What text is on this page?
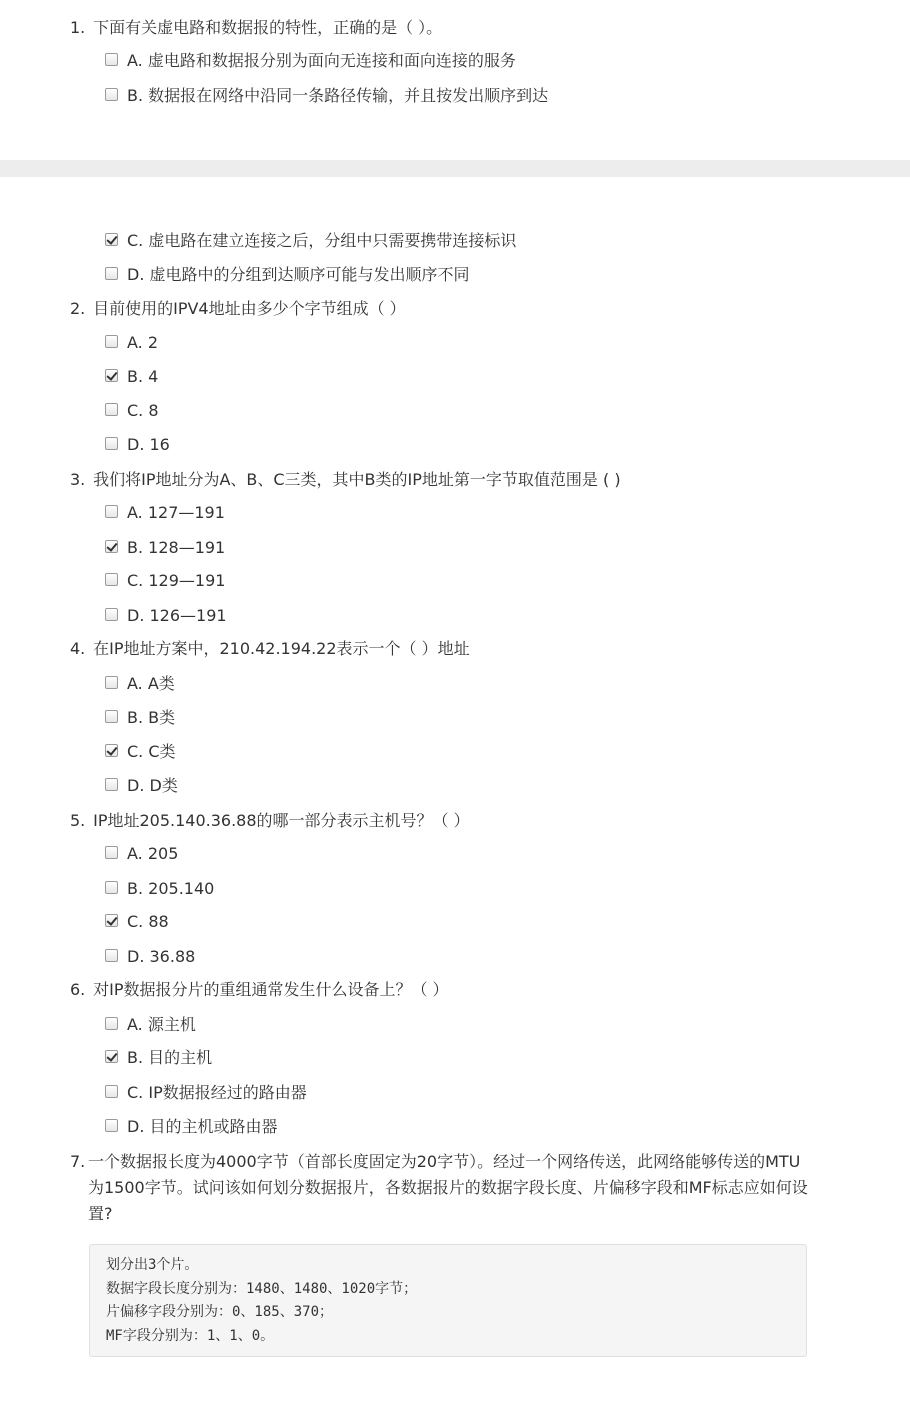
1. 下面有关虚电路和数据报的特性，正确的是（ ）。
A. 虚电路和数据报分别为面向无连接和面向连接的服务
B. 数据报在网络中沿同一条路径传输，并且按发出顺序到达
C. 虚电路在建立连接之后，分组中只需要携带连接标识
D. 虚电路中的分组到达顺序可能与发出顺序不同
2. 目前使用的IPV4地址由多少个字节组成（ ）
A. 2
B. 4
C. 8
D. 16
3. 我们将IP地址分为A、B、C三类，其中B类的IP地址第一字节取值范围是 ( )
A. 127—191
B. 128—191
C. 129—191
D. 126—191
4. 在IP地址方案中，210.42.194.22表示一个（ ）地址
A. A类
B. B类
C. C类
D. D类
5. IP地址205.140.36.88的哪一部分表示主机号？（ ）
A. 205
B. 205.140
C. 88
D. 36.88
6. 对IP数据报分片的重组通常发生什么设备上？（ ）
A. 源主机
B. 目的主机
C. IP数据报经过的路由器
D. 目的主机或路由器
7. 一个数据报长度为4000字节（首部长度固定为20字节）。经过一个网络传送，此网络能够传送的MTU为1500字节。试问该如何划分数据报片，各数据报片的数据字段长度、片偏移字段和MF标志应如何设置?
划分出3个片。
数据字段长度分别为：1480、1480、1020字节；
片偏移字段分别为：0、185、370；
MF字段分别为：1、1、0。
